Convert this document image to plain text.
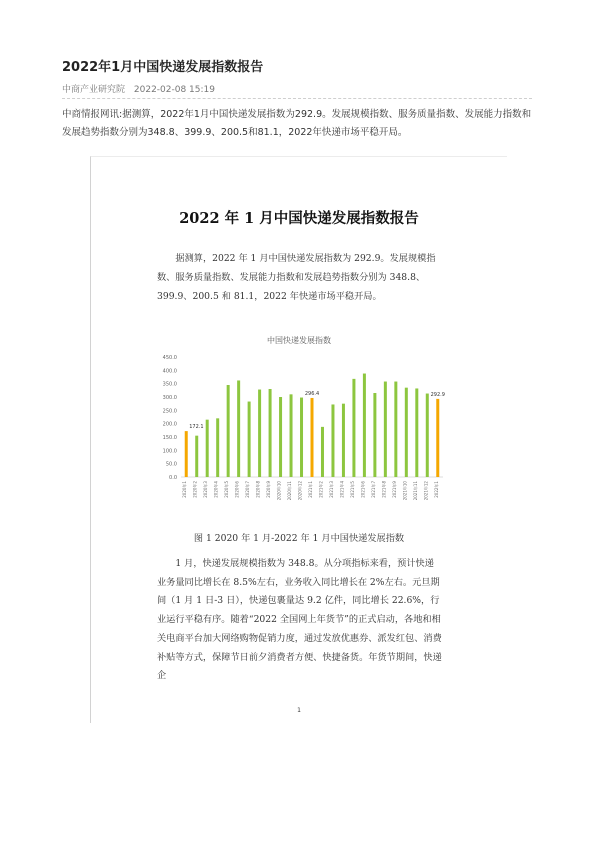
2022年1月中国快递发展指数报告
中商产业研究院 2022-02-08 15:19

中商情报网讯:据测算，2022年1月中国快递发展指数为292.9。发展规模指数、服务质量指数、发展能力指数和发展趋势指数分别为348.8、399.9、200.5和81.1，2022年快递市场平稳开局。

2022 年 1 月中国快递发展指数报告

据测算，2022 年 1 月中国快递发展指数为 292.9。发展规模指数、服务质量指数、发展能力指数和发展趋势指数分别为 348.8、399.9、200.5 和 81.1，2022 年快递市场平稳开局。

中国快递发展指数

0.0
50.0
100.0
150.0
200.0
250.0
300.0
350.0
400.0
450.0
2020年1 2020年2 2020年3 2020年4 2020年5 2020年6 2020年7 2020年8 2020年9 2020年10 2020年11 2020年12 2021年1 2021年2 2021年3 2021年4 2021年5 2021年6 2021年7 2021年8 2021年9 2021年10 2021年11 2021年12 2022年1
172.1
296.4	292.9

图 1 2020 年 1 月-2022 年 1 月中国快递发展指数

1 月，快递发展规模指数为 348.8。从分项指标来看，预计快递业务量同比增长在 8.5%左右，业务收入同比增长在 2%左右。元旦期间（1 月 1 日-3 日），快递包裹量达 9.2 亿件，同比增长 22.6%，行业运行平稳有序。随着“2022 全国网上年货节”的正式启动，各地和相关电商平台加大网络购物促销力度，通过发放优惠券、派发红包、消费补贴等方式，保障节日前夕消费者方便、快捷备货。年货节期间，快递企

1
